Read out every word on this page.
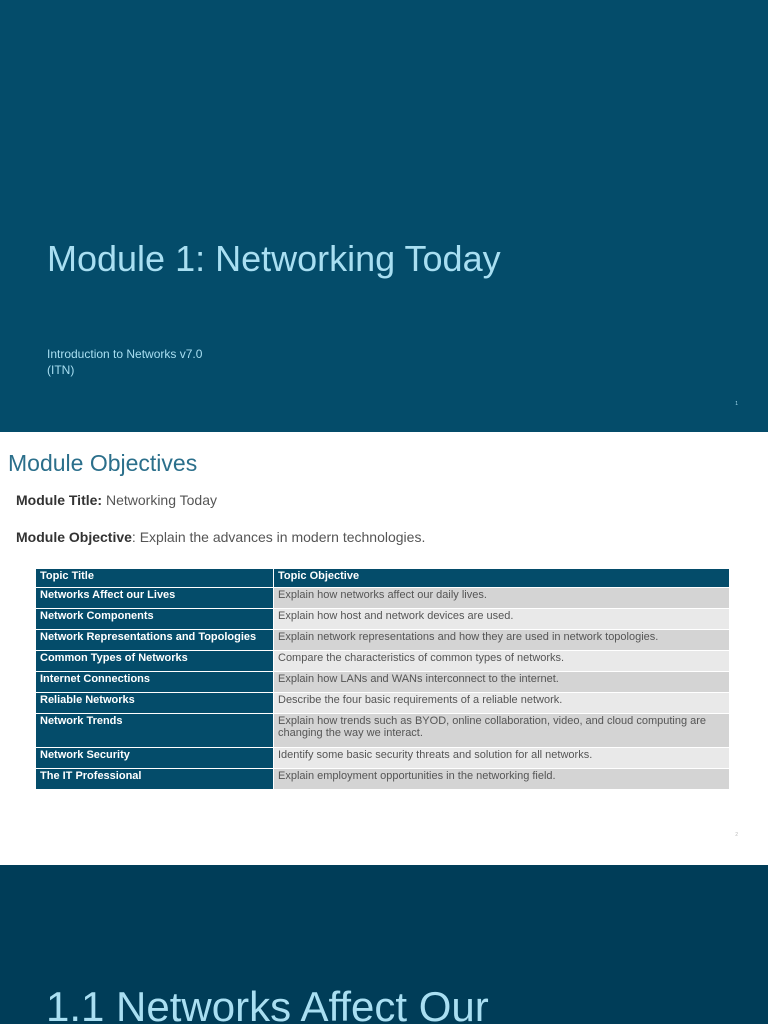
Module 1: Networking Today
Introduction to Networks v7.0
(ITN)
1
Module Objectives

Module Title: Networking Today

Module Objective: Explain the advances in modern technologies.

Topic Title	Topic Objective
Networks Affect our Lives	Explain how networks affect our daily lives.
Network Components	Explain how host and network devices are used.
Network Representations and Topologies	Explain network representations and how they are used in network topologies.
Common Types of Networks	Compare the characteristics of common types of networks.
Internet Connections	Explain how LANs and WANs interconnect to the internet.
Reliable Networks	Describe the four basic requirements of a reliable network.
Network Trends	Explain how trends such as BYOD, online collaboration, video, and cloud computing are changing the way we interact.
Network Security	Identify some basic security threats and solution for all networks.
The IT Professional	Explain employment opportunities in the networking field.
2
1.1 Networks Affect Our
